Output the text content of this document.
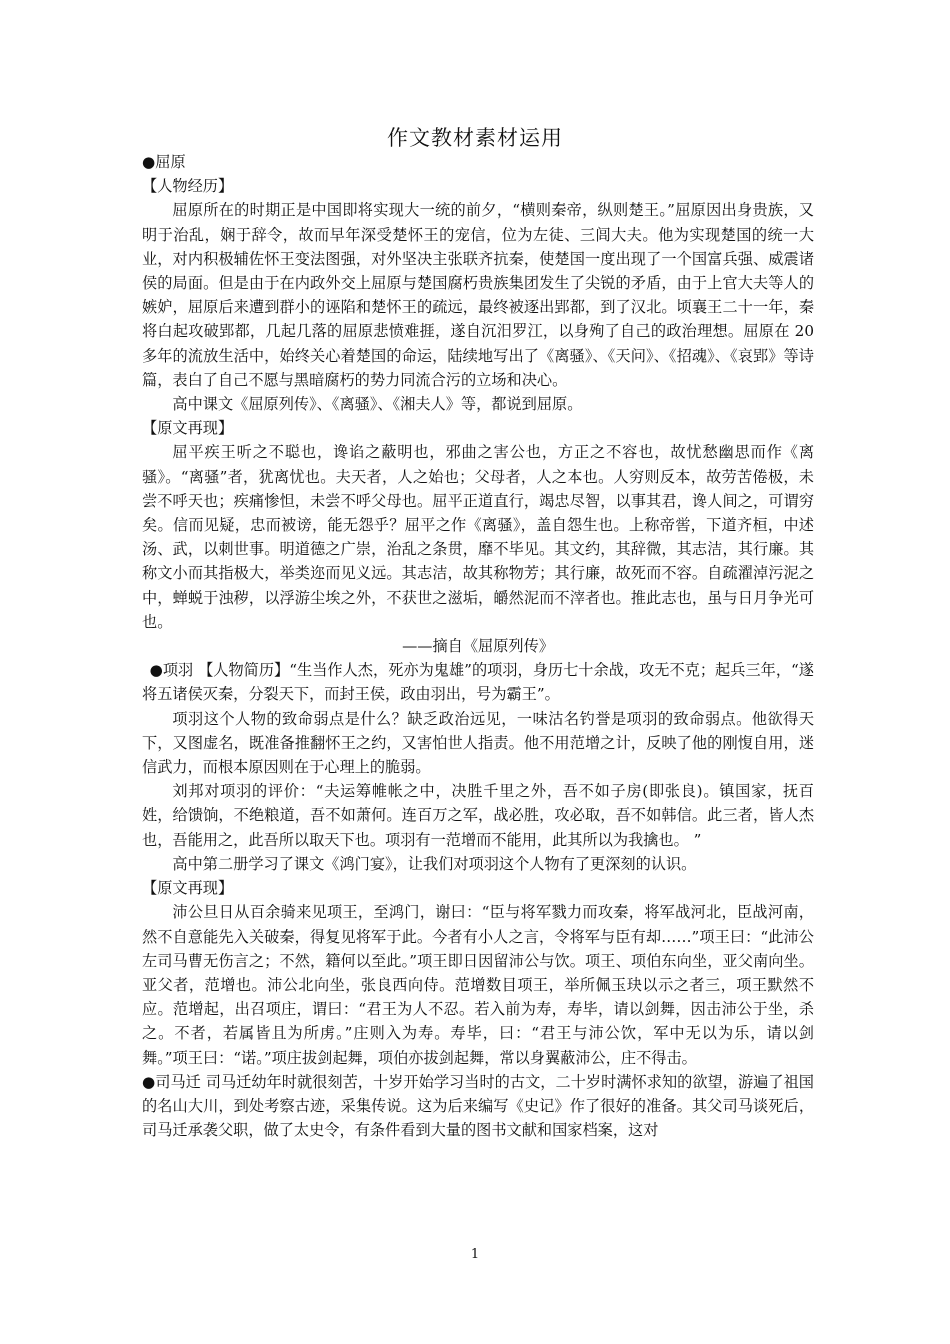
作文教材素材运用

●屈原

【人物经历】

屈原所在的时期正是中国即将实现大一统的前夕，“横则秦帝，纵则楚王。”屈原因出身贵族，又明于治乱，娴于辞令，故而早年深受楚怀王的宠信，位为左徒、三闾大夫。他为实现楚国的统一大业，对内积极辅佐怀王变法图强，对外坚决主张联齐抗秦，使楚国一度出现了一个国富兵强、威震诸侯的局面。但是由于在内政外交上屈原与楚国腐朽贵族集团发生了尖锐的矛盾，由于上官大夫等人的嫉妒，屈原后来遭到群小的诬陷和楚怀王的疏远，最终被逐出郢都，到了汉北。顷襄王二十一年，秦将白起攻破郢都，几起几落的屈原悲愤难捱，遂自沉汨罗江，以身殉了自己的政治理想。屈原在 20 多年的流放生活中，始终关心着楚国的命运，陆续地写出了《离骚》、《天问》、《招魂》、《哀郢》等诗篇，表白了自己不愿与黑暗腐朽的势力同流合污的立场和决心。

高中课文《屈原列传》、《离骚》、《湘夫人》等，都说到屈原。

【原文再现】

屈平疾王听之不聪也，谗谄之蔽明也，邪曲之害公也，方正之不容也，故忧愁幽思而作《离骚》。“离骚”者，犹离忧也。夫天者，人之始也；父母者，人之本也。人穷则反本，故劳苦倦极，未尝不呼天也；疾痛惨怛，未尝不呼父母也。屈平正道直行，竭忠尽智，以事其君，谗人间之，可谓穷矣。信而见疑，忠而被谤，能无怨乎？屈平之作《离骚》，盖自怨生也。上称帝喾，下道齐桓，中述汤、武，以刺世事。明道德之广崇，治乱之条贯，靡不毕见。其文约，其辞微，其志洁，其行廉。其称文小而其指极大，举类迩而见义远。其志洁，故其称物芳；其行廉，故死而不容。自疏濯淖污泥之中，蝉蜕于浊秽，以浮游尘埃之外，不获世之滋垢，皭然泥而不滓者也。推此志也，虽与日月争光可也。

——摘自《屈原列传》

●项羽 【人物简历】“生当作人杰，死亦为鬼雄”的项羽，身历七十余战，攻无不克；起兵三年，“遂将五诸侯灭秦，分裂天下，而封王侯，政由羽出，号为霸王”。

项羽这个人物的致命弱点是什么？缺乏政治远见，一味沽名钓誉是项羽的致命弱点。他欲得天下，又图虚名，既准备推翻怀王之约，又害怕世人指责。他不用范增之计，反映了他的刚愎自用，迷信武力，而根本原因则在于心理上的脆弱。

刘邦对项羽的评价：“夫运筹帷帐之中，决胜千里之外，吾不如子房(即张良)。镇国家，抚百姓，给馈饷，不绝粮道，吾不如萧何。连百万之军，战必胜，攻必取，吾不如韩信。此三者，皆人杰也，吾能用之，此吾所以取天下也。项羽有一范增而不能用，此其所以为我擒也。 ”

高中第二册学习了课文《鸿门宴》，让我们对项羽这个人物有了更深刻的认识。

【原文再现】

沛公旦日从百余骑来见项王，至鸿门，谢曰：“臣与将军戮力而攻秦，将军战河北，臣战河南，然不自意能先入关破秦，得复见将军于此。今者有小人之言，令将军与臣有却……”项王曰：“此沛公左司马曹无伤言之；不然，籍何以至此。”项王即日因留沛公与饮。项王、项伯东向坐，亚父南向坐。亚父者，范增也。沛公北向坐，张良西向侍。范增数目项王，举所佩玉玦以示之者三，项王默然不应。范增起，出召项庄，谓曰：“君王为人不忍。若入前为寿，寿毕，请以剑舞，因击沛公于坐，杀之。不者，若属皆且为所虏。”庄则入为寿。寿毕，曰：“君王与沛公饮，军中无以为乐，请以剑舞。”项王曰：“诺。”项庄拔剑起舞，项伯亦拔剑起舞，常以身翼蔽沛公，庄不得击。

●司马迁 司马迁幼年时就很刻苦，十岁开始学习当时的古文，二十岁时满怀求知的欲望，游遍了祖国的名山大川，到处考察古迹，采集传说。这为后来编写《史记》作了很好的准备。其父司马谈死后，司马迁承袭父职，做了太史令，有条件看到大量的图书文献和国家档案，这对

1
